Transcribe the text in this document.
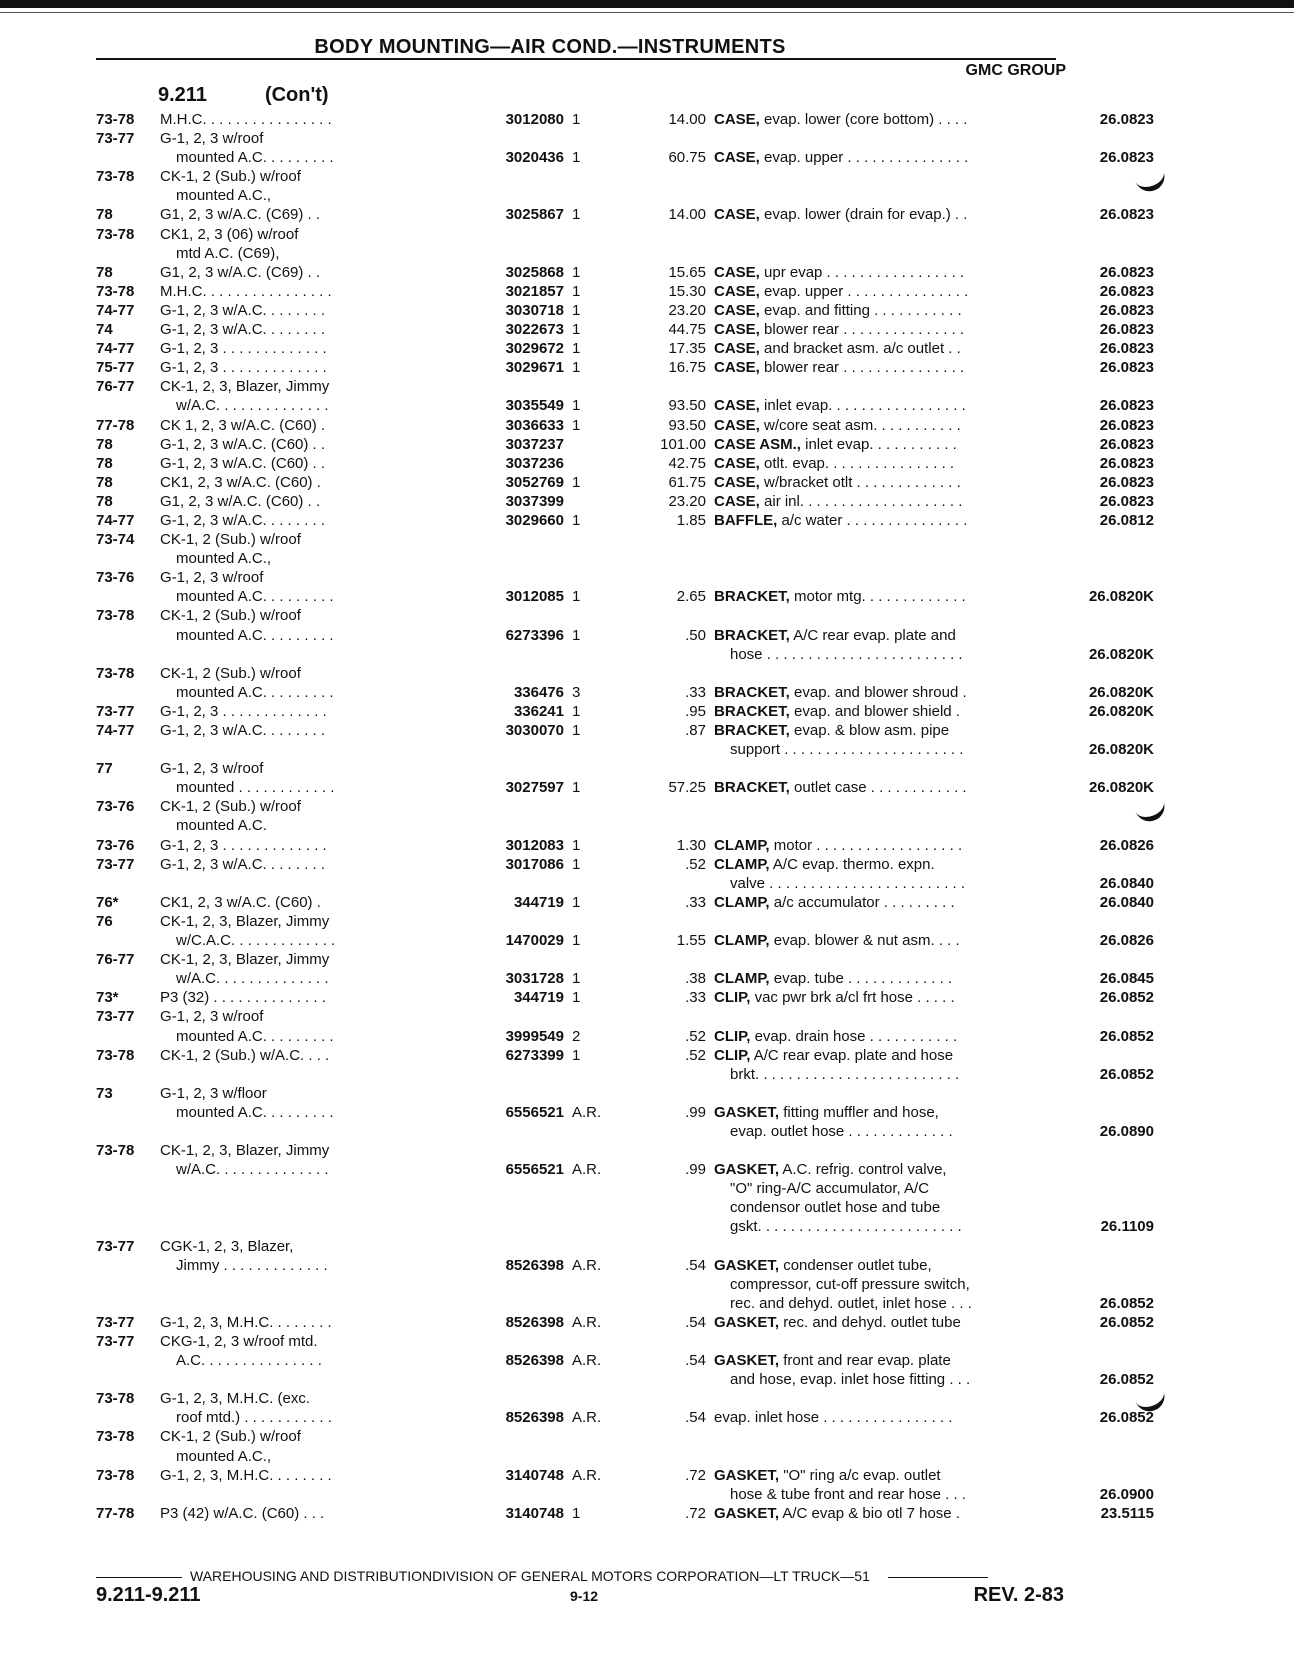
BODY MOUNTING—AIR COND.—INSTRUMENTS
GMC GROUP
9.211	(Con't)
73-78 M.H.C. . . . . . . . . . . . . . . .	3012080 1	14.00 CASE, evap. lower (core bottom) . . . .	26.0823
73-77 G-1, 2, 3 w/roof
mounted A.C. . . . . . . . .	3020436 1	60.75 CASE, evap. upper . . . . . . . . . . . . . . .	26.0823
73-78 CK-1, 2 (Sub.) w/roof
mounted A.C.,
78	G1, 2, 3 w/A.C. (C69) . .	3025867 1	14.00 CASE, evap. lower (drain for evap.) . .	26.0823
73-78 CK1, 2, 3 (06) w/roof
mtd A.C. (C69),
78	G1, 2, 3 w/A.C. (C69) . .	3025868 1	15.65 CASE, upr evap . . . . . . . . . . . . . . . . .	26.0823
73-78 M.H.C. . . . . . . . . . . . . . . .	3021857 1	15.30 CASE, evap. upper . . . . . . . . . . . . . . .	26.0823
74-77 G-1, 2, 3 w/A.C. . . . . . . .	3030718 1	23.20 CASE, evap. and fitting . . . . . . . . . . .	26.0823
74	G-1, 2, 3 w/A.C. . . . . . . .	3022673 1	44.75 CASE, blower rear . . . . . . . . . . . . . . .	26.0823
74-77 G-1, 2, 3 . . . . . . . . . . . . .	3029672 1	17.35 CASE, and bracket asm. a/c outlet . .	26.0823
75-77 G-1, 2, 3 . . . . . . . . . . . . .	3029671 1	16.75 CASE, blower rear . . . . . . . . . . . . . . .	26.0823
76-77 CK-1, 2, 3, Blazer, Jimmy
w/A.C. . . . . . . . . . . . . .	3035549 1	93.50 CASE, inlet evap. . . . . . . . . . . . . . . . .	26.0823
77-78 CK 1, 2, 3 w/A.C. (C60) .	3036633 1	93.50 CASE, w/core seat asm. . . . . . . . . . .	26.0823
78	G-1, 2, 3 w/A.C. (C60) . .	3037237	101.00 CASE ASM., inlet evap. . . . . . . . . . .	26.0823
78	G-1, 2, 3 w/A.C. (C60) . .	3037236	42.75 CASE, otlt. evap. . . . . . . . . . . . . . . .	26.0823
78	CK1, 2, 3 w/A.C. (C60) .	3052769 1	61.75 CASE, w/bracket otlt . . . . . . . . . . . . .	26.0823
78	G1, 2, 3 w/A.C. (C60) . .	3037399	23.20 CASE, air inl. . . . . . . . . . . . . . . . . . . .	26.0823
74-77 G-1, 2, 3 w/A.C. . . . . . . .	3029660 1	1.85 BAFFLE, a/c water . . . . . . . . . . . . . . .	26.0812
73-74 CK-1, 2 (Sub.) w/roof
mounted A.C.,
73-76 G-1, 2, 3 w/roof
mounted A.C. . . . . . . . .	3012085 1	2.65 BRACKET, motor mtg. . . . . . . . . . . . .	26.0820K
73-78 CK-1, 2 (Sub.) w/roof
mounted A.C. . . . . . . . .	6273396 1	.50 BRACKET, A/C rear evap. plate and
hose . . . . . . . . . . . . . . . . . . . . . . . .	26.0820K
73-78 CK-1, 2 (Sub.) w/roof
mounted A.C. . . . . . . . .	336476 3	.33 BRACKET, evap. and blower shroud .	26.0820K
73-77 G-1, 2, 3 . . . . . . . . . . . . .	336241 1	.95 BRACKET, evap. and blower shield .	26.0820K
74-77 G-1, 2, 3 w/A.C. . . . . . . .	3030070 1	.87 BRACKET, evap. & blow asm. pipe
support . . . . . . . . . . . . . . . . . . . . . .	26.0820K
77	G-1, 2, 3 w/roof
mounted . . . . . . . . . . . .	3027597 1	57.25 BRACKET, outlet case . . . . . . . . . . . .	26.0820K
73-76 CK-1, 2 (Sub.) w/roof
mounted A.C.
73-76 G-1, 2, 3 . . . . . . . . . . . . .	3012083 1	1.30 CLAMP, motor . . . . . . . . . . . . . . . . . .	26.0826
73-77 G-1, 2, 3 w/A.C. . . . . . . .	3017086 1	.52 CLAMP, A/C evap. thermo. expn.
valve . . . . . . . . . . . . . . . . . . . . . . . .	26.0840
76*	CK1, 2, 3 w/A.C. (C60) .	344719 1	.33 CLAMP, a/c accumulator . . . . . . . . .	26.0840
76	CK-1, 2, 3, Blazer, Jimmy
w/C.A.C. . . . . . . . . . . . .	1470029 1	1.55 CLAMP, evap. blower & nut asm. . . .	26.0826
76-77 CK-1, 2, 3, Blazer, Jimmy
w/A.C. . . . . . . . . . . . . .	3031728 1	.38 CLAMP, evap. tube . . . . . . . . . . . . .	26.0845
73*	P3 (32) . . . . . . . . . . . . . .	344719 1	.33 CLIP, vac pwr brk a/cl frt hose . . . . .	26.0852
73-77 G-1, 2, 3 w/roof
mounted A.C. . . . . . . . .	3999549 2	.52 CLIP, evap. drain hose . . . . . . . . . . .	26.0852
73-78 CK-1, 2 (Sub.) w/A.C. . . .	6273399 1	.52 CLIP, A/C rear evap. plate and hose
brkt. . . . . . . . . . . . . . . . . . . . . . . . .	26.0852
73	G-1, 2, 3 w/floor
mounted A.C. . . . . . . . .	6556521 A.R.	.99 GASKET, fitting muffler and hose,
evap. outlet hose . . . . . . . . . . . . .	26.0890
73-78 CK-1, 2, 3, Blazer, Jimmy
w/A.C. . . . . . . . . . . . . .	6556521 A.R.	.99 GASKET, A.C. refrig. control valve,
"O" ring-A/C accumulator, A/C
condensor outlet hose and tube
gskt. . . . . . . . . . . . . . . . . . . . . . . . .	26.1109
73-77 CGK-1, 2, 3, Blazer,
Jimmy . . . . . . . . . . . . .	8526398 A.R.	.54 GASKET, condenser outlet tube,
compressor, cut-off pressure switch,
rec. and dehyd. outlet, inlet hose . . .	26.0852
73-77 G-1, 2, 3, M.H.C. . . . . . . .	8526398 A.R.	.54 GASKET, rec. and dehyd. outlet tube	26.0852
73-77 CKG-1, 2, 3 w/roof mtd.
A.C. . . . . . . . . . . . . . .	8526398 A.R.	.54 GASKET, front and rear evap. plate
and hose, evap. inlet hose fitting . . .	26.0852
73-78 G-1, 2, 3, M.H.C. (exc.
roof mtd.) . . . . . . . . . . .	8526398 A.R.	.54 evap. inlet hose . . . . . . . . . . . . . . . .	26.0852
73-78 CK-1, 2 (Sub.) w/roof
mounted A.C.,
73-78 G-1, 2, 3, M.H.C. . . . . . . .	3140748 A.R.	.72 GASKET, "O" ring a/c evap. outlet
hose & tube front and rear hose . . .	26.0900
77-78 P3 (42) w/A.C. (C60) . . .	3140748 1	.72 GASKET, A/C evap & bio otl 7 hose .	23.5115
WAREHOUSING AND DISTRIBUTIONDIVISION OF GENERAL MOTORS CORPORATION—LT TRUCK—51
9.211-9.211	9-12	REV. 2-83
